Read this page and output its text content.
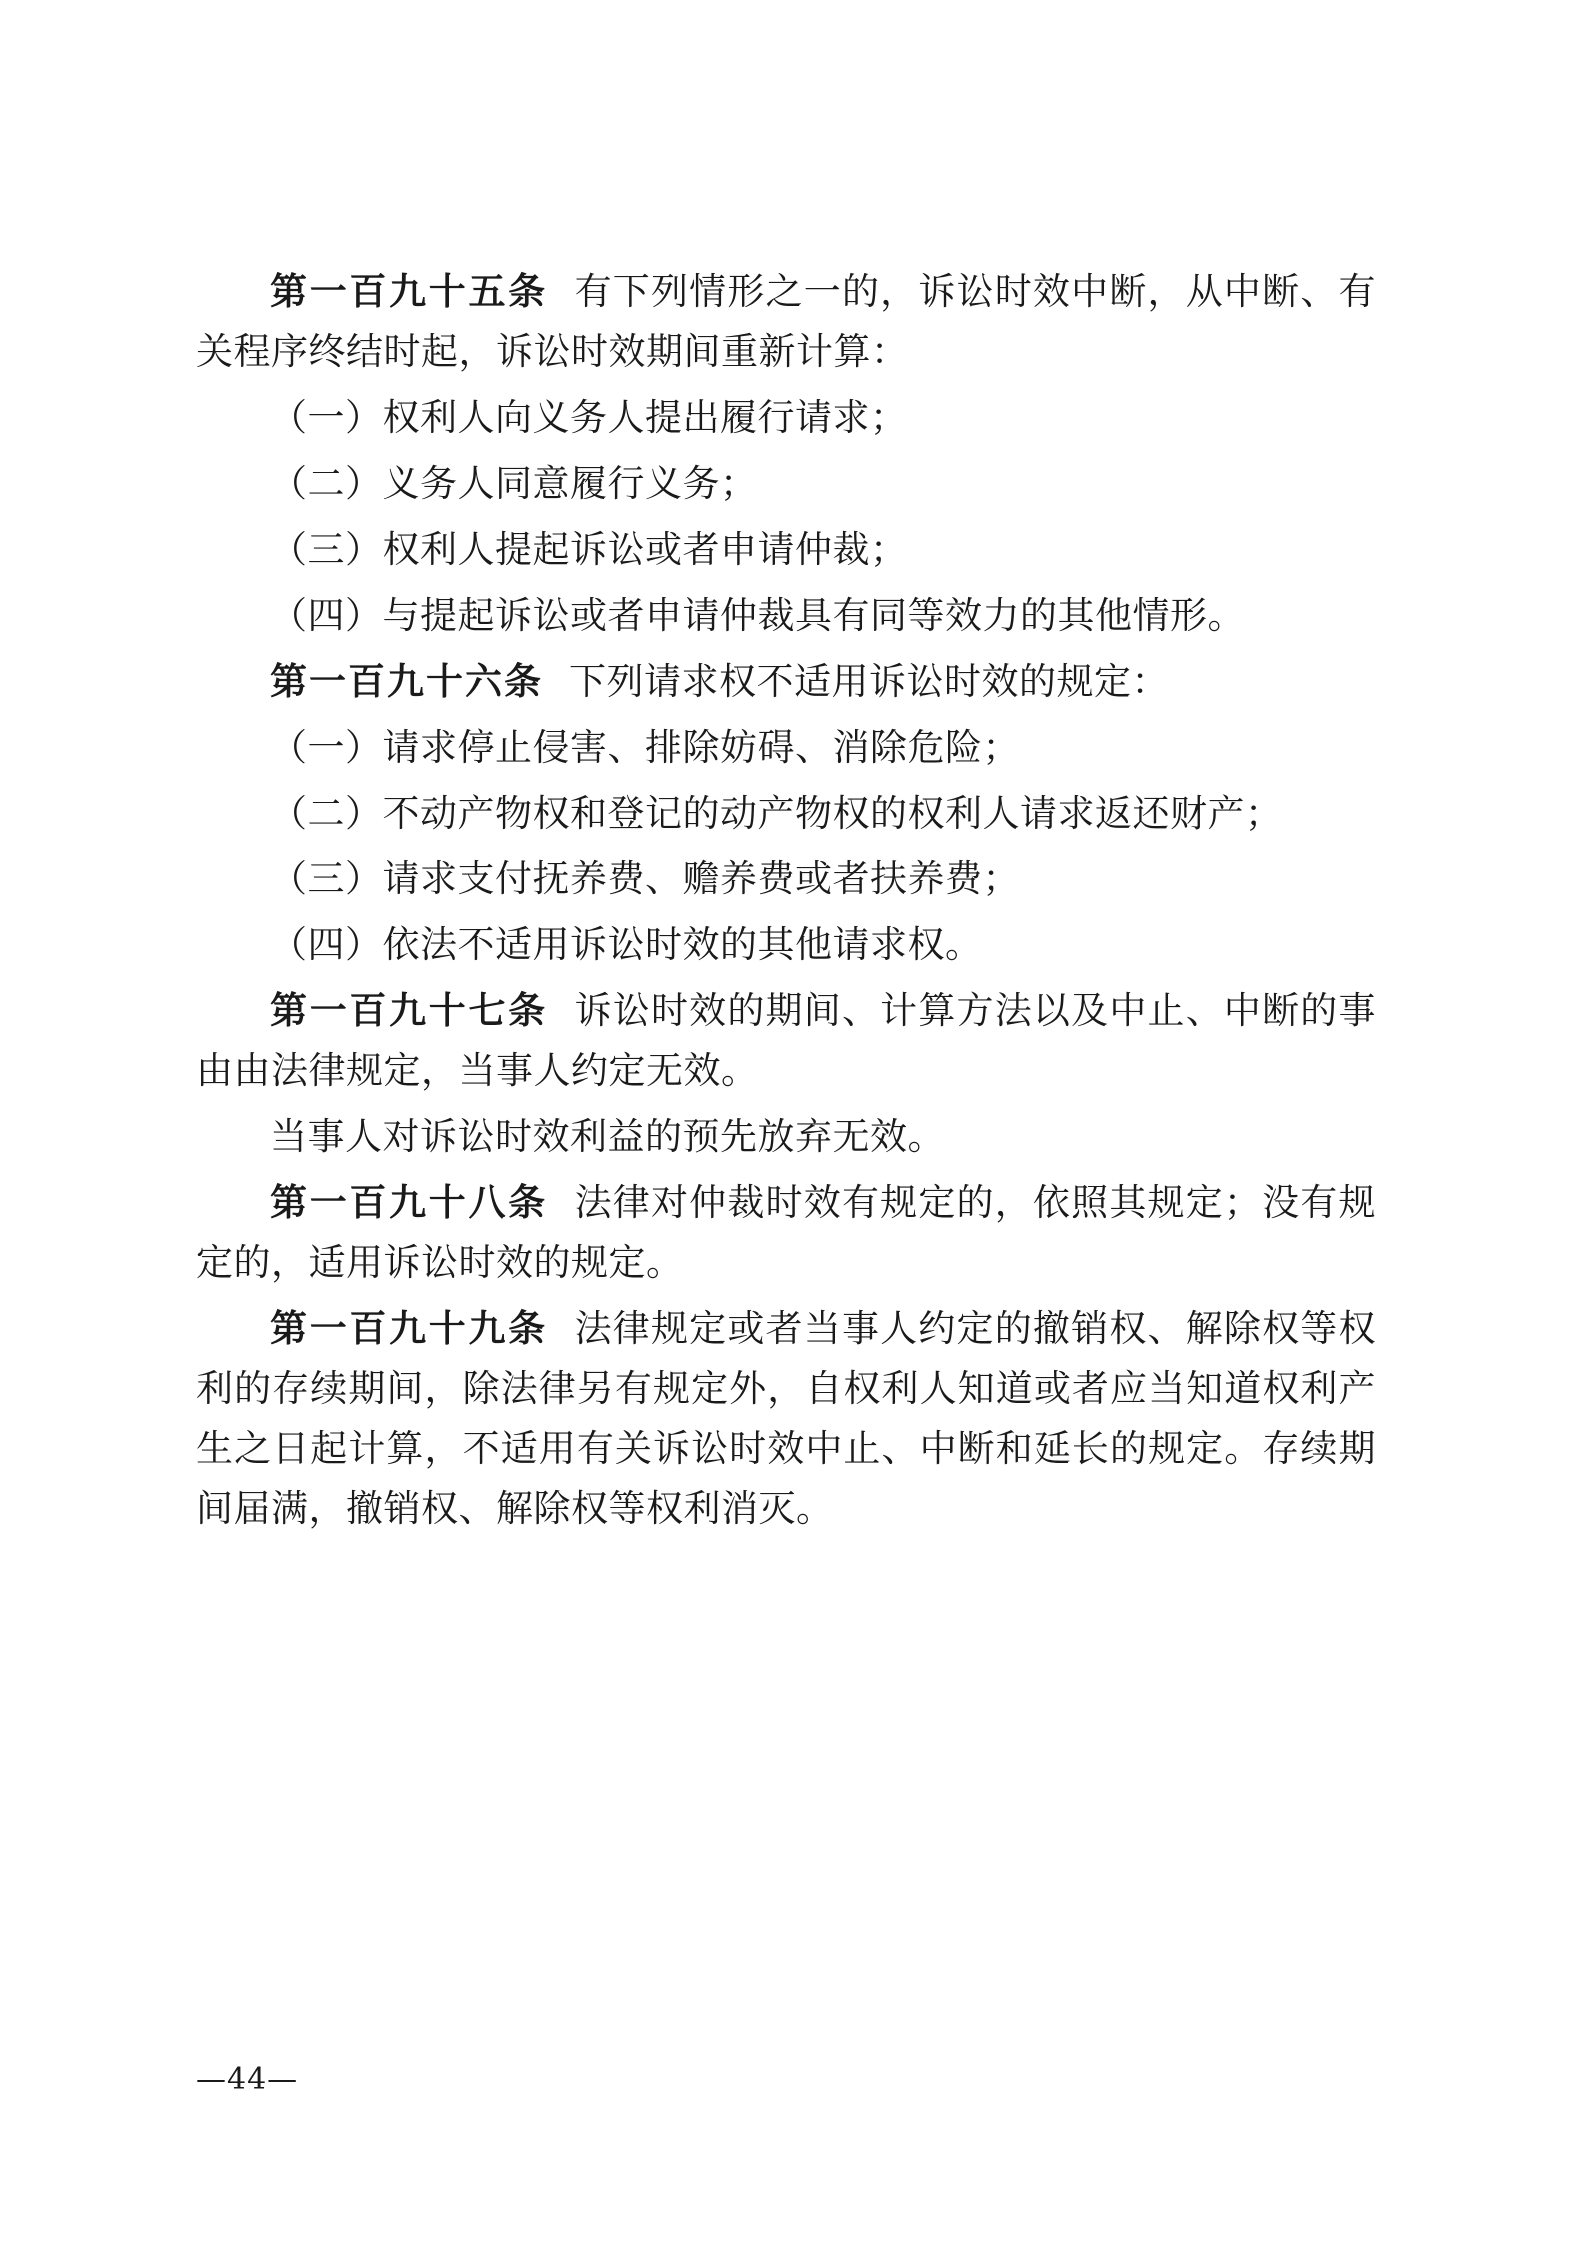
第一百九十五条 有下列情形之一的，诉讼时效中断，从中断、有关程序终结时起，诉讼时效期间重新计算：

（一）权利人向义务人提出履行请求；

（二）义务人同意履行义务；

（三）权利人提起诉讼或者申请仲裁；

（四）与提起诉讼或者申请仲裁具有同等效力的其他情形。

第一百九十六条 下列请求权不适用诉讼时效的规定：

（一）请求停止侵害、排除妨碍、消除危险；

（二）不动产物权和登记的动产物权的权利人请求返还财产；

（三）请求支付抚养费、赡养费或者扶养费；

（四）依法不适用诉讼时效的其他请求权。

第一百九十七条 诉讼时效的期间、计算方法以及中止、中断的事由由法律规定，当事人约定无效。

当事人对诉讼时效利益的预先放弃无效。

第一百九十八条 法律对仲裁时效有规定的，依照其规定；没有规定的，适用诉讼时效的规定。

第一百九十九条 法律规定或者当事人约定的撤销权、解除权等权利的存续期间，除法律另有规定外，自权利人知道或者应当知道权利产生之日起计算，不适用有关诉讼时效中止、中断和延长的规定。存续期间届满，撤销权、解除权等权利消灭。

—44—
